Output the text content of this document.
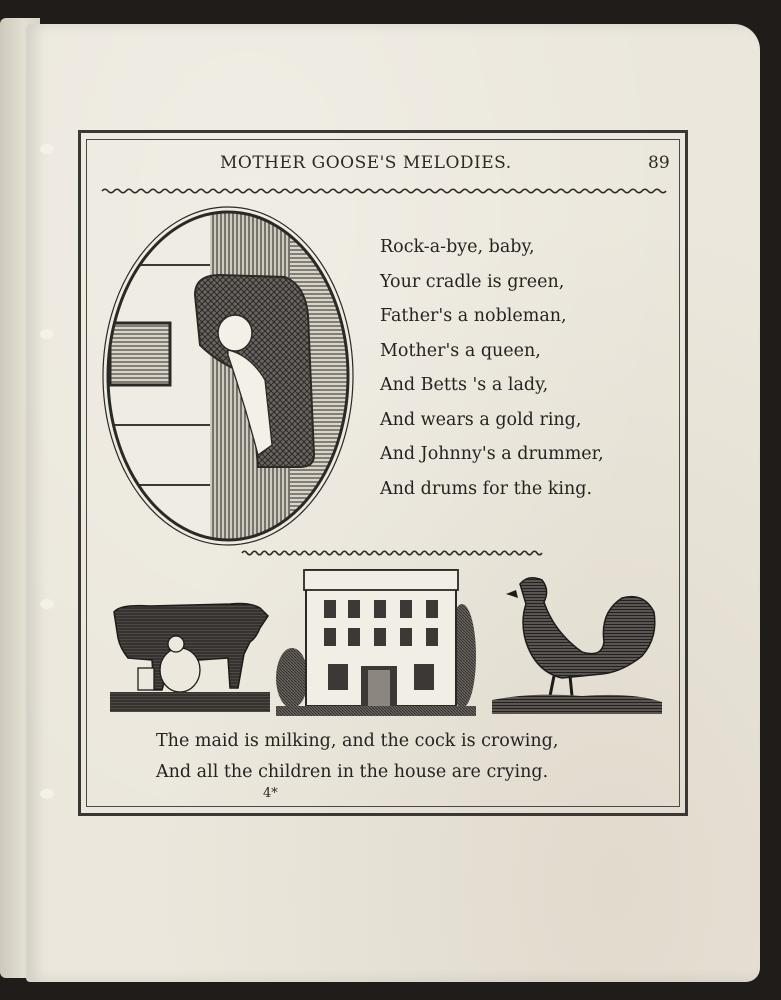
MOTHER GOOSE'S MELODIES.	89
Rock-a-bye, baby,
Your cradle is green,
Father's a nobleman,
Mother's a queen,
And Betts 's a lady,
And wears a gold ring,
And Johnny's a drummer,
And drums for the king.
The maid is milking, and the cock is crowing,
And all the children in the house are crying.
4*
